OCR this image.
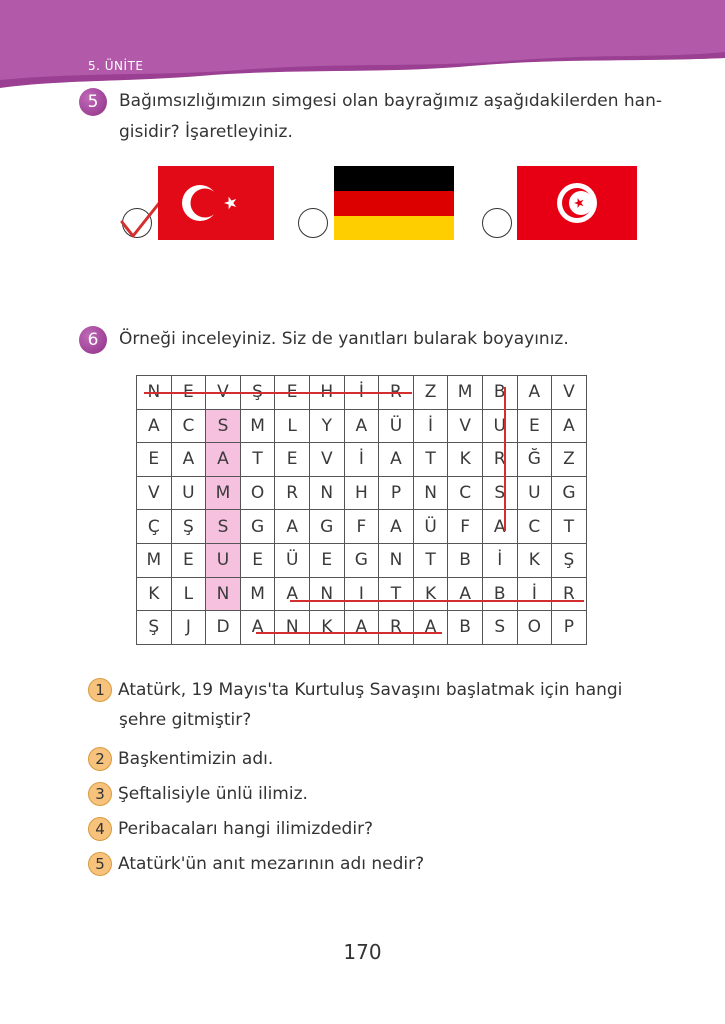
5. ÜNİTE
5	Bağımsızlığımızın simgesi olan bayrağımız aşağıdakilerden han-
gisidir? İşaretleyiniz.
6	Örneği inceleyiniz. Siz de yanıtları bularak boyayınız.
N	E	V	Ş	E	H	İ	R	Z	M	B	A	V
A	C	S	M	L	Y	A	Ü	İ	V	U	E	A
E	A	A	T	E	V	İ	A	T	K	R	Ğ	Z
V	U	M	O	R	N	H	P	N	C	S	U	G
Ç	Ş	S	G	A	G	F	A	Ü	F	A	C	T
M	E	U	E	Ü	E	G	N	T	B	İ	K	Ş
K	L	N	M	A	N	I	T	K	A	B	İ	R
Ş	J	D	A	N	K	A	R	A	B	S	O	P
1 Atatürk, 19 Mayıs'ta Kurtuluş Savaşını başlatmak için hangi
şehre gitmiştir?
2 Başkentimizin adı.
3 Şeftalisiyle ünlü ilimiz.
4 Peribacaları hangi ilimizdedir?
5 Atatürk'ün anıt mezarının adı nedir?
170
